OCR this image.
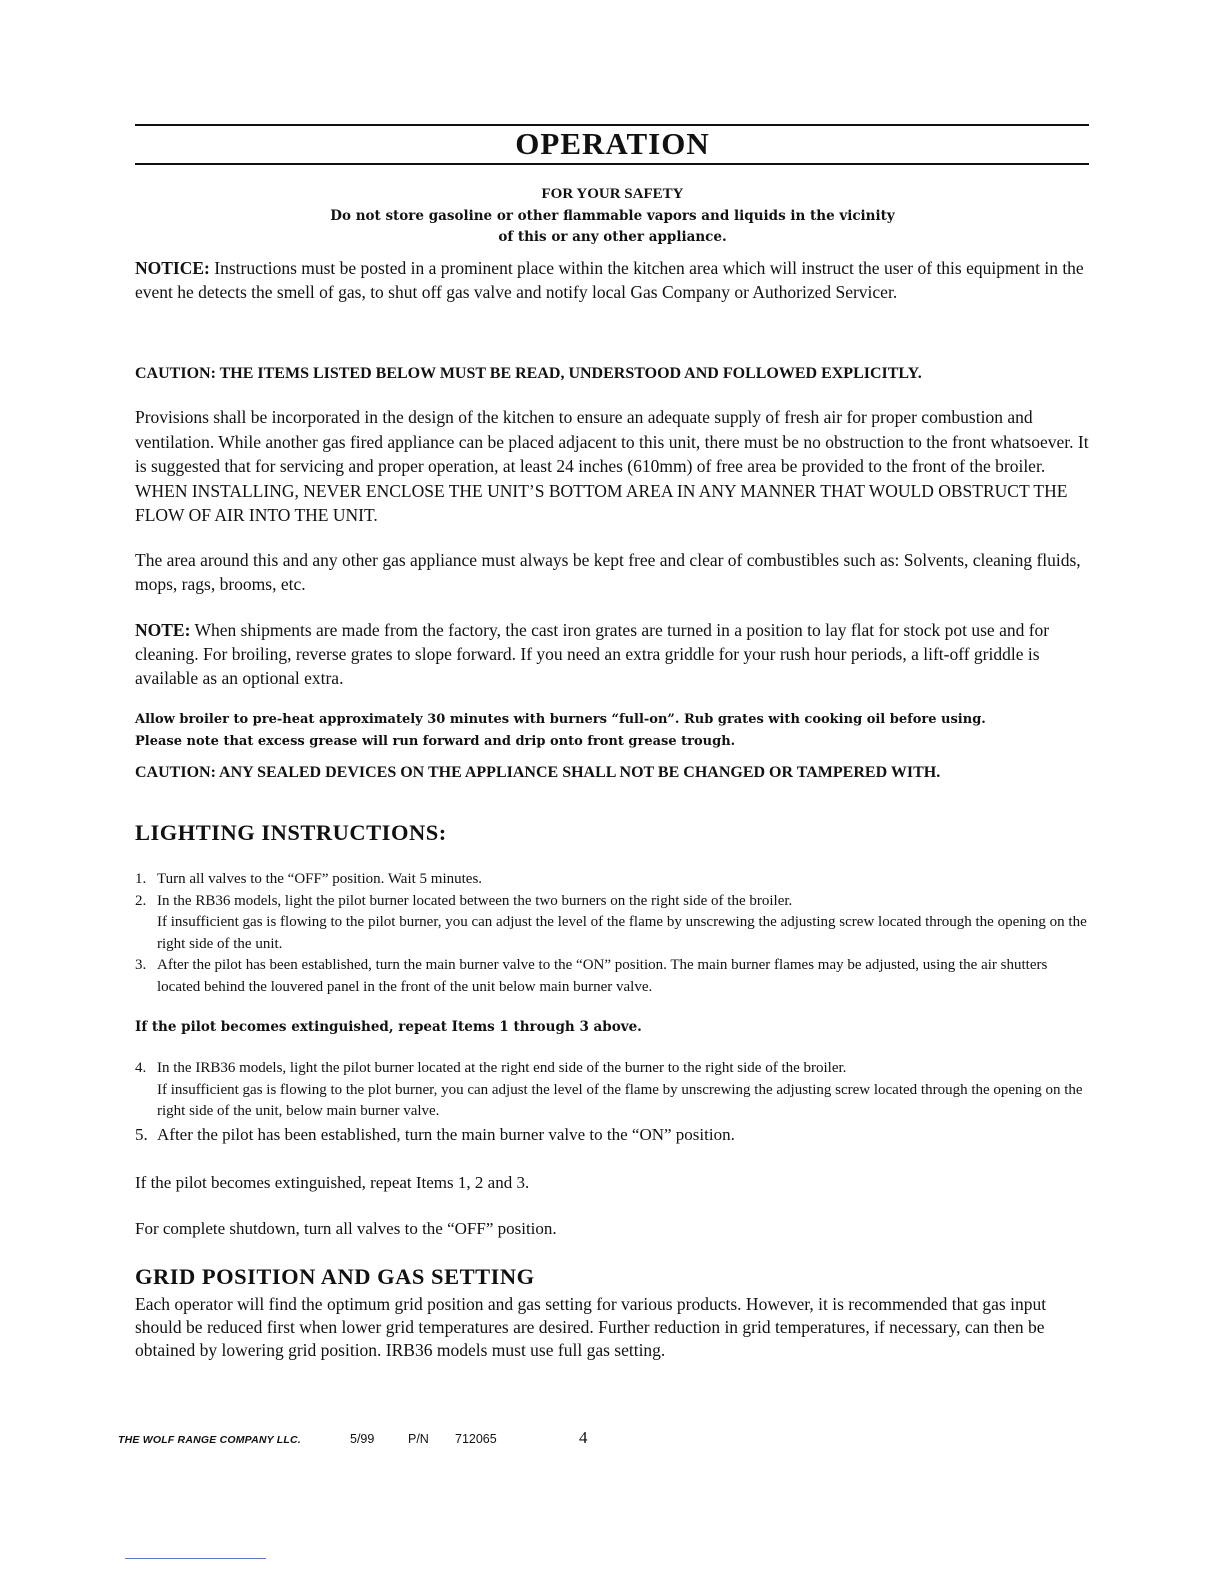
OPERATION
FOR YOUR SAFETY
Do not store gasoline or other flammable vapors and liquids in the vicinity
of this or any other appliance.

NOTICE: Instructions must be posted in a prominent place within the kitchen area which will instruct the user of this equipment in the event he detects the smell of gas, to shut off gas valve and notify local Gas Company or Authorized Servicer.

CAUTION: THE ITEMS LISTED BELOW MUST BE READ, UNDERSTOOD AND FOLLOWED EXPLICITLY.

Provisions shall be incorporated in the design of the kitchen to ensure an adequate supply of fresh air for proper combustion and ventilation. While another gas fired appliance can be placed adjacent to this unit, there must be no obstruction to the front whatsoever. It is suggested that for servicing and proper operation, at least 24 inches (610mm) of free area be provided to the front of the broiler. WHEN INSTALLING, NEVER ENCLOSE THE UNIT’S BOTTOM AREA IN ANY MANNER THAT WOULD OBSTRUCT THE FLOW OF AIR INTO THE UNIT.

The area around this and any other gas appliance must always be kept free and clear of combustibles such as: Solvents, cleaning fluids, mops, rags, brooms, etc.

NOTE: When shipments are made from the factory, the cast iron grates are turned in a position to lay flat for stock pot use and for cleaning. For broiling, reverse grates to slope forward. If you need an extra griddle for your rush hour periods, a lift-off griddle is available as an optional extra.

Allow broiler to pre-heat approximately 30 minutes with burners “full-on”. Rub grates with cooking oil before using.
Please note that excess grease will run forward and drip onto front grease trough.

CAUTION: ANY SEALED DEVICES ON THE APPLIANCE SHALL NOT BE CHANGED OR TAMPERED WITH.

LIGHTING INSTRUCTIONS:
1. Turn all valves to the “OFF” position. Wait 5 minutes.
2. In the RB36 models, light the pilot burner located between the two burners on the right side of the broiler.
If insufficient gas is flowing to the pilot burner, you can adjust the level of the flame by unscrewing the adjusting screw located through the opening on the right side of the unit.
3. After the pilot has been established, turn the main burner valve to the “ON” position. The main burner flames may be adjusted, using the air shutters located behind the louvered panel in the front of the unit below main burner valve.

If the pilot becomes extinguished, repeat Items 1 through 3 above.

4. In the IRB36 models, light the pilot burner located at the right end side of the burner to the right side of the broiler.
If insufficient gas is flowing to the plot burner, you can adjust the level of the flame by unscrewing the adjusting screw located through the opening on the right side of the unit, below main burner valve.
5. After the pilot has been established, turn the main burner valve to the “ON” position.

If the pilot becomes extinguished, repeat Items 1, 2 and 3.

For complete shutdown, turn all valves to the “OFF” position.

GRID POSITION AND GAS SETTING

Each operator will find the optimum grid position and gas setting for various products. However, it is recommended that gas input should be reduced first when lower grid temperatures are desired. Further reduction in grid temperatures, if necessary, can then be obtained by lowering grid position. IRB36 models must use full gas setting.

THE WOLF RANGE COMPANY LLC.	5/99	P/N 712065	4
